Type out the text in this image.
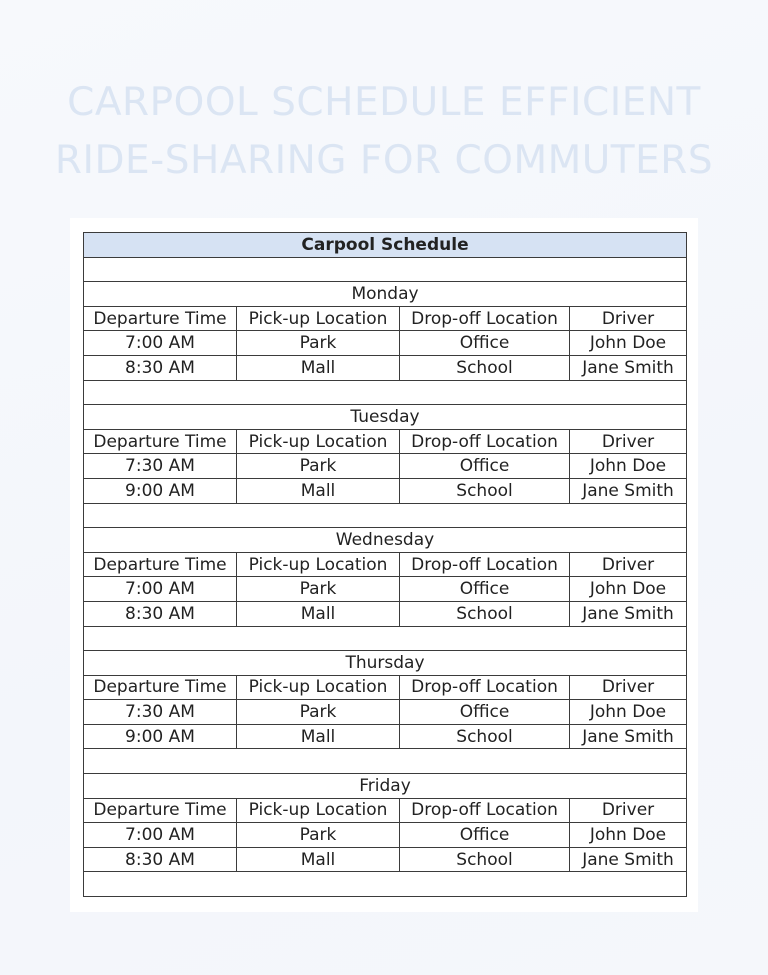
CARPOOL SCHEDULE EFFICIENT
RIDE-SHARING FOR COMMUTERS
Carpool Schedule			

Monday			
Departure Time	Pick-up Location	Drop-off Location	Driver
7:00 AM	Park	Office	John Doe
8:30 AM	Mall	School	Jane Smith

Tuesday			
Departure Time	Pick-up Location	Drop-off Location	Driver
7:30 AM	Park	Office	John Doe
9:00 AM	Mall	School	Jane Smith

Wednesday			
Departure Time	Pick-up Location	Drop-off Location	Driver
7:00 AM	Park	Office	John Doe
8:30 AM	Mall	School	Jane Smith

Thursday			
Departure Time	Pick-up Location	Drop-off Location	Driver
7:30 AM	Park	Office	John Doe
9:00 AM	Mall	School	Jane Smith

Friday			
Departure Time	Pick-up Location	Drop-off Location	Driver
7:00 AM	Park	Office	John Doe
8:30 AM	Mall	School	Jane Smith
